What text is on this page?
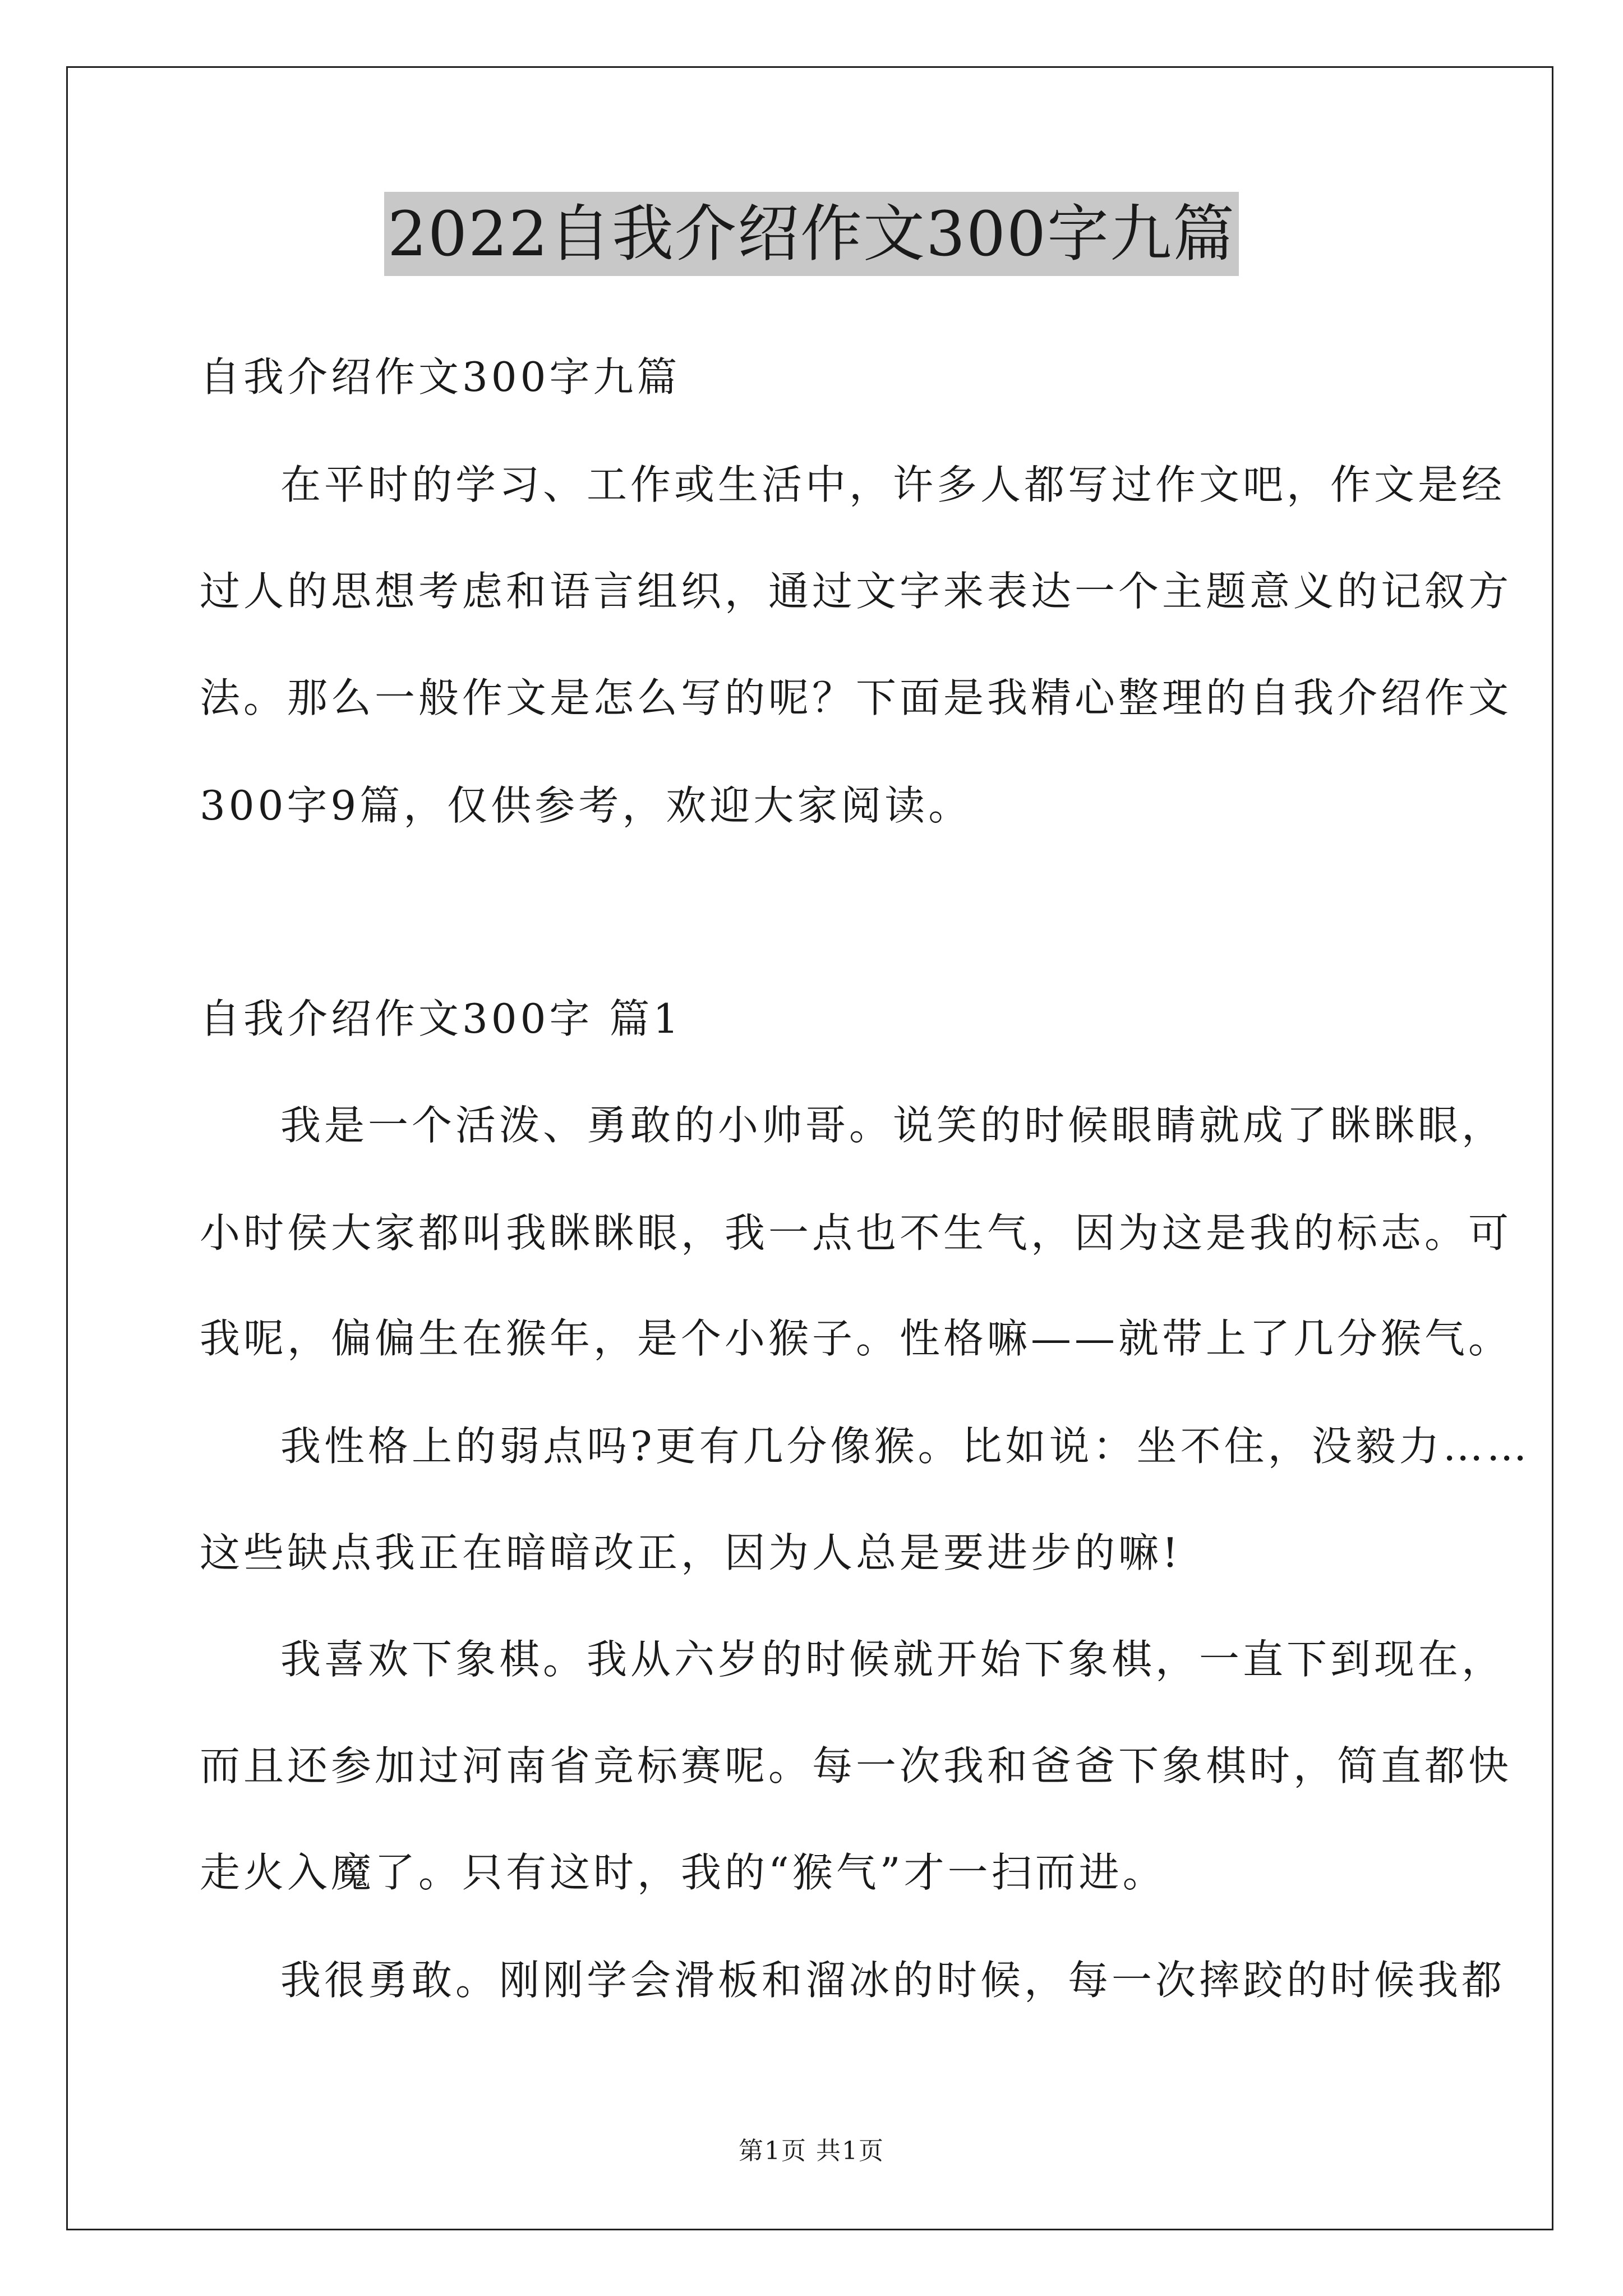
2022自我介绍作文300字九篇
自我介绍作文300字九篇
在平时的学习、工作或生活中，许多人都写过作文吧，作文是经
过人的思想考虑和语言组织，通过文字来表达一个主题意义的记叙方
法。那么一般作文是怎么写的呢？下面是我精心整理的自我介绍作文
300字9篇，仅供参考，欢迎大家阅读。
自我介绍作文300字 篇1
我是一个活泼、勇敢的小帅哥。说笑的时候眼睛就成了眯眯眼，
小时侯大家都叫我眯眯眼，我一点也不生气，因为这是我的标志。可
我呢，偏偏生在猴年，是个小猴子。性格嘛——就带上了几分猴气。
我性格上的弱点吗?更有几分像猴。比如说：坐不住，没毅力……
这些缺点我正在暗暗改正，因为人总是要进步的嘛!
我喜欢下象棋。我从六岁的时候就开始下象棋，一直下到现在，
而且还参加过河南省竞标赛呢。每一次我和爸爸下象棋时，简直都快
走火入魔了。只有这时，我的“猴气”才一扫而进。
我很勇敢。刚刚学会滑板和溜冰的时候，每一次摔跤的时候我都
第1页 共1页
